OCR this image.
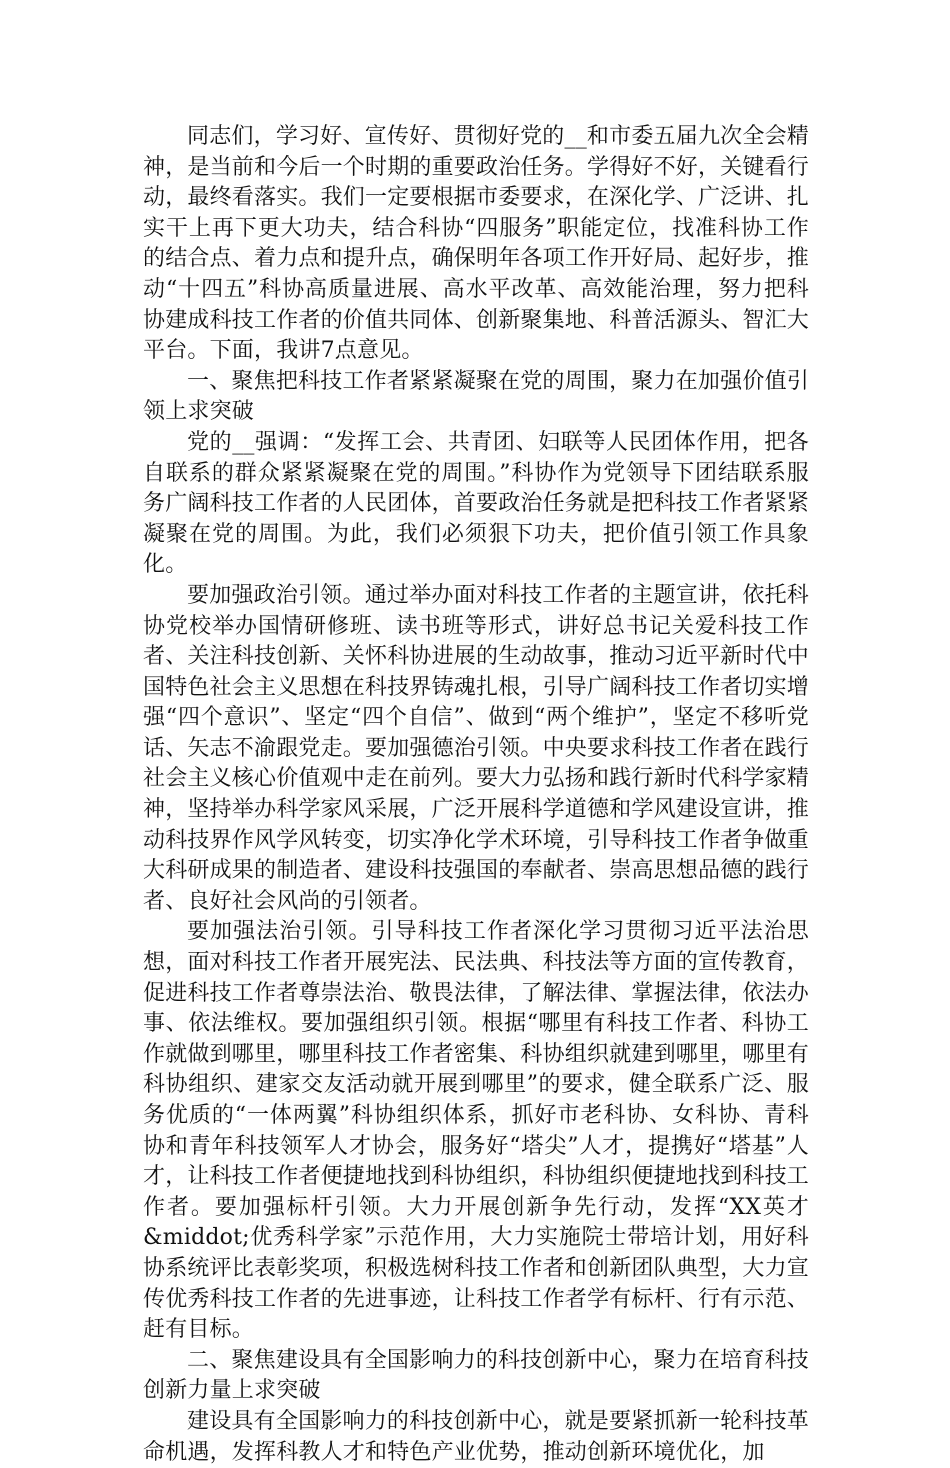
同志们，学习好、宣传好、贯彻好党的__和市委五届九次全会精神，是当前和今后一个时期的重要政治任务。学得好不好，关键看行动，最终看落实。我们一定要根据市委要求，在深化学、广泛讲、扎实干上再下更大功夫，结合科协“四服务”职能定位，找准科协工作的结合点、着力点和提升点，确保明年各项工作开好局、起好步，推动“十四五”科协高质量进展、高水平改革、高效能治理，努力把科协建成科技工作者的价值共同体、创新聚集地、科普活源头、智汇大平台。下面，我讲7点意见。

一、聚焦把科技工作者紧紧凝聚在党的周围，聚力在加强价值引领上求突破

党的__强调：“发挥工会、共青团、妇联等人民团体作用，把各自联系的群众紧紧凝聚在党的周围。”科协作为党领导下团结联系服务广阔科技工作者的人民团体，首要政治任务就是把科技工作者紧紧凝聚在党的周围。为此，我们必须狠下功夫，把价值引领工作具象化。

要加强政治引领。通过举办面对科技工作者的主题宣讲，依托科协党校举办国情研修班、读书班等形式，讲好总书记关爱科技工作者、关注科技创新、关怀科协进展的生动故事，推动习近平新时代中国特色社会主义思想在科技界铸魂扎根，引导广阔科技工作者切实增强“四个意识”、坚定“四个自信”、做到“两个维护”，坚定不移听党话、矢志不渝跟党走。要加强德治引领。中央要求科技工作者在践行社会主义核心价值观中走在前列。要大力弘扬和践行新时代科学家精神，坚持举办科学家风采展，广泛开展科学道德和学风建设宣讲，推动科技界作风学风转变，切实净化学术环境，引导科技工作者争做重大科研成果的制造者、建设科技强国的奉献者、崇高思想品德的践行者、良好社会风尚的引领者。

要加强法治引领。引导科技工作者深化学习贯彻习近平法治思想，面对科技工作者开展宪法、民法典、科技法等方面的宣传教育，促进科技工作者尊崇法治、敬畏法律，了解法律、掌握法律，依法办事、依法维权。要加强组织引领。根据“哪里有科技工作者、科协工作就做到哪里，哪里科技工作者密集、科协组织就建到哪里，哪里有科协组织、建家交友活动就开展到哪里”的要求，健全联系广泛、服务优质的“一体两翼”科协组织体系，抓好市老科协、女科协、青科协和青年科技领军人才协会，服务好“塔尖”人才，提携好“塔基”人才，让科技工作者便捷地找到科协组织，科协组织便捷地找到科技工作者。要加强标杆引领。大力开展创新争先行动，发挥“XX英才&middot;优秀科学家”示范作用，大力实施院士带培计划，用好科协系统评比表彰奖项，积极选树科技工作者和创新团队典型，大力宣传优秀科技工作者的先进事迹，让科技工作者学有标杆、行有示范、赶有目标。

二、聚焦建设具有全国影响力的科技创新中心，聚力在培育科技创新力量上求突破

建设具有全国影响力的科技创新中心，就是要紧抓新一轮科技革命机遇，发挥科教人才和特色产业优势，推动创新环境优化，加
